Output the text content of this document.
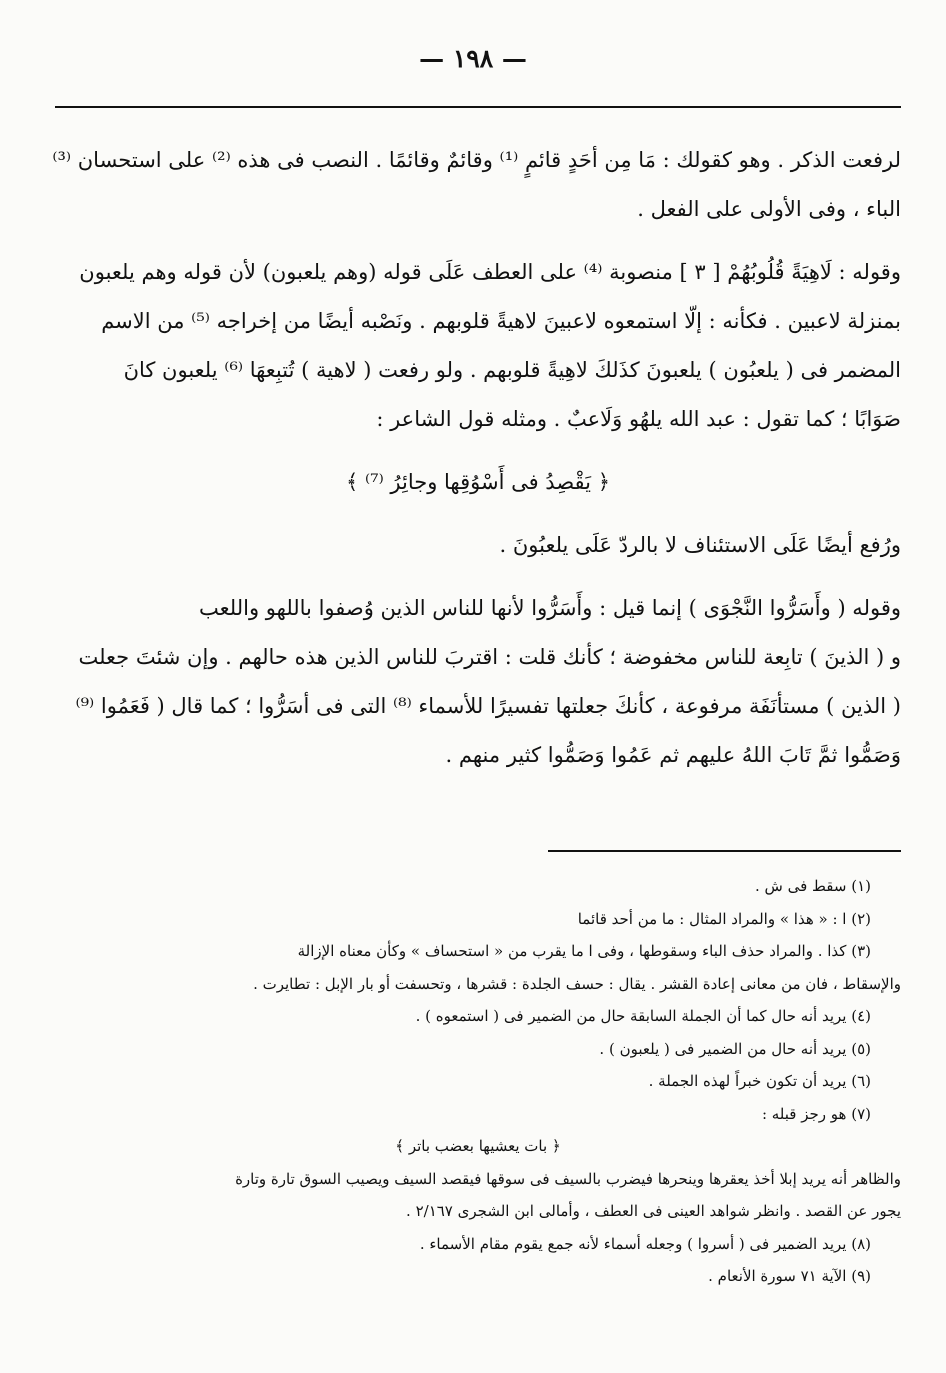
— ١٩٨ —
لرفعت الذكر . وهو كقولك : مَا مِن أحَدٍ قائمٍ ⁽¹⁾ وقائمٌ وقائمًا . النصب فى هذه ⁽²⁾ على استحسان ⁽³⁾
الباء ، وفى الأولى على الفعل .
وقوله : لَاهِيَةً قُلُوبُهُمْ [ ٣ ] منصوبة ⁽⁴⁾ على العطف عَلَى قوله (وهم يلعبون) لأن قوله وهم يلعبون
بمنزلة لاعبين . فكأنه : إلّا استمعوه لاعبينَ لاهيةً قلوبهم . ونَصْبه أيضًا من إخراجه ⁽⁵⁾ من الاسم
المضمر فى ( يلعبُون ) يلعبونَ كذَلكَ لاهِيةً قلوبهم . ولو رفعت ( لاهية ) تُتبِعهَا ⁽⁶⁾ يلعبون كانَ
صَوَابًا ؛ كما تقول : عبد الله يلهُو وَلَاعبٌ . ومثله قول الشاعر :
﴿ يَقْصِدُ فى أَسْوُقِها وجائِرُ ⁽⁷⁾ ﴾
ورُفع أيضًا عَلَى الاستئناف لا بالردّ عَلَى يلعبُونَ .
وقوله ( وأَسَرُّوا النَّجْوَى ) إنما قيل : وأَسَرُّوا لأنها للناس الذين وُصفوا باللهو واللعب
و ( الذينَ ) تابِعة للناس مخفوضة ؛ كأنك قلت : اقتربَ للناس الذين هذه حالهم . وإن شئتَ جعلت
( الذين ) مستأنَفَة مرفوعة ، كأنكَ جعلتها تفسيرًا للأسماء ⁽⁸⁾ التى فى أسَرُّوا ؛ كما قال ( فَعَمُوا ⁽⁹⁾
وَصَمُّوا ثمَّ تَابَ اللهُ عليهم ثم عَمُوا وَصَمُّوا كثير منهم .
(١) سقط فى ش .
(٢) ا : « هذا » والمراد المثال : ما من أحد قائما
(٣) كذا . والمراد حذف الباء وسقوطها ، وفى ا ما يقرب من « استحساف » وكأن معناه الإزالة
والإسقاط ، فان من معانى إعادة القشر . يقال : حسف الجلدة : قشرها ، وتحسفت أو بار الإبل : تطايرت .
(٤) يريد أنه حال كما أن الجملة السابقة حال من الضمير فى ( استمعوه ) .
(٥) يريد أنه حال من الضمير فى ( يلعبون ) .
(٦) يريد أن تكون خبراً لهذه الجملة .
(٧) هو رجز قبله :
﴿ بات يعشيها بعضب باتر ﴾
والظاهر أنه يريد إبلا أخذ يعقرها وينحرها فيضرب بالسيف فى سوقها فيقصد السيف ويصيب السوق تارة وتارة
يجور عن القصد . وانظر شواهد العينى فى العطف ، وأمالى ابن الشجرى ٢/١٦٧ .
(٨) يريد الضمير فى ( أسروا ) وجعله أسماء لأنه جمع يقوم مقام الأسماء .
(٩) الآية ٧١ سورة الأنعام .
